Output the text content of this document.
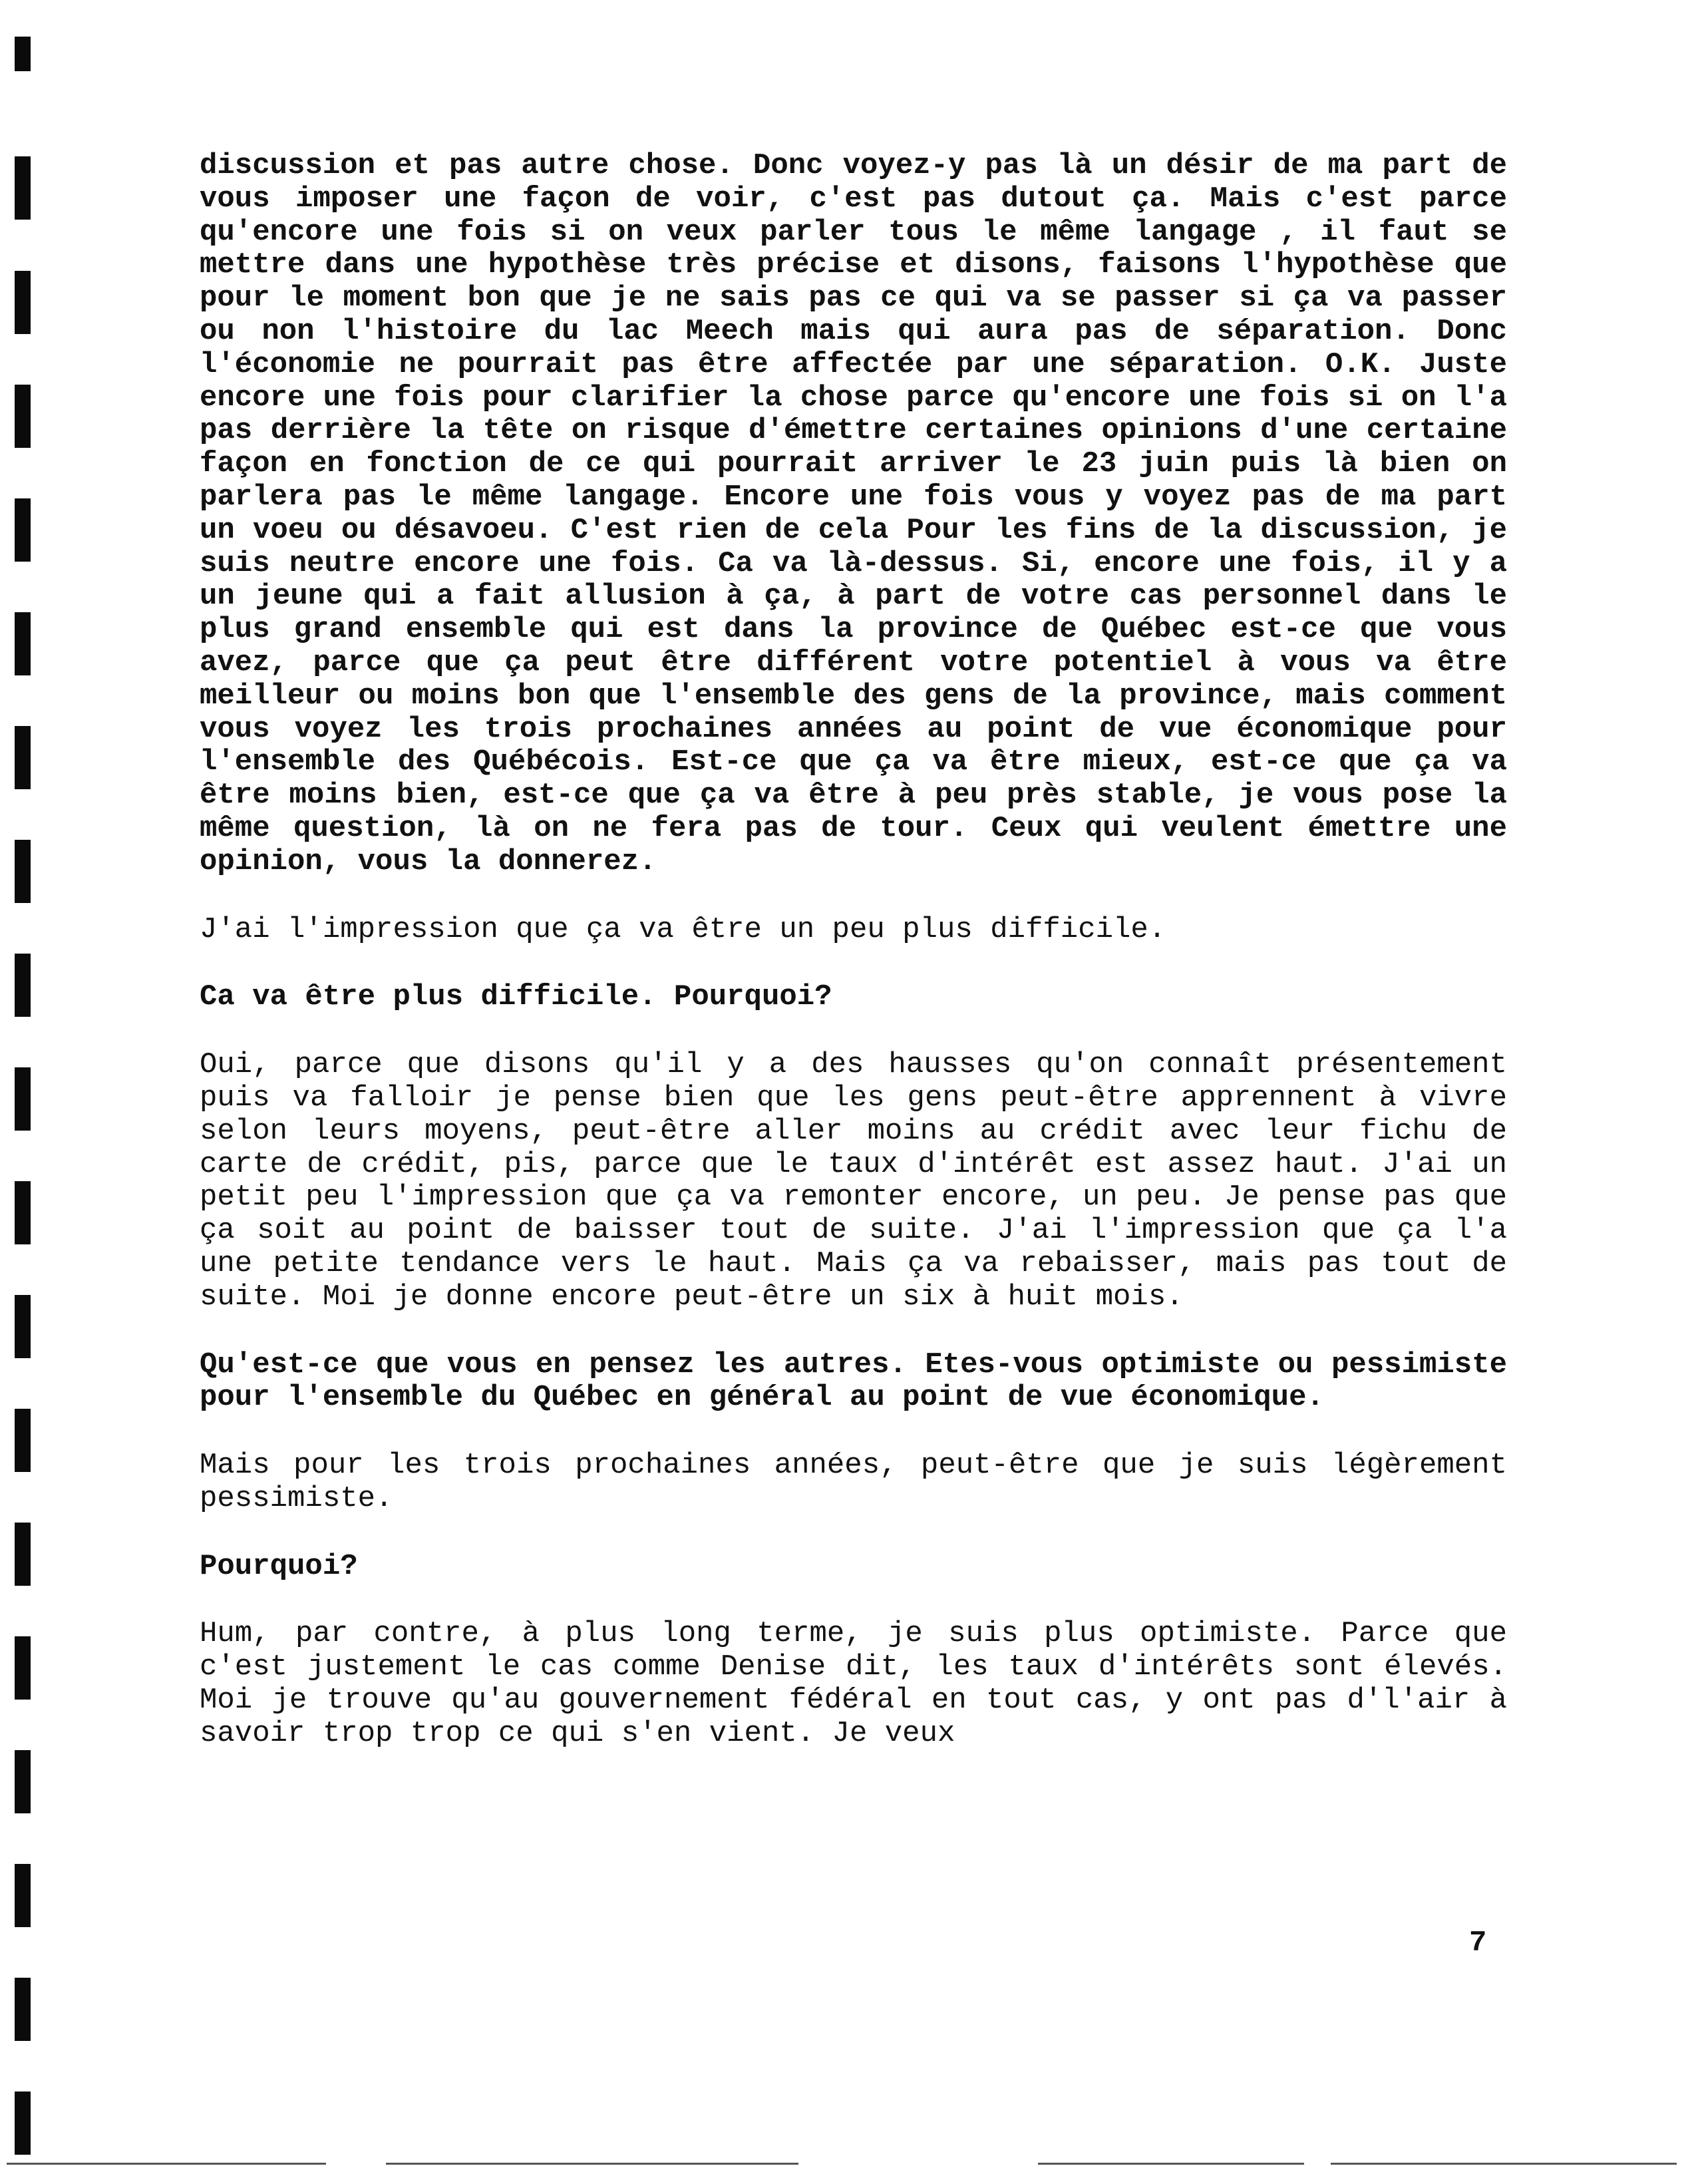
discussion et pas autre chose. Donc voyez-y pas là un désir de ma part de vous imposer une façon de voir, c'est pas dutout ça. Mais c'est parce qu'encore une fois si on veux parler tous le même langage , il faut se mettre dans une hypothèse très précise et disons, faisons l'hypothèse que pour le moment bon que je ne sais pas ce qui va se passer si ça va passer ou non l'histoire du lac Meech mais qui aura pas de séparation. Donc l'économie ne pourrait pas être affectée par une séparation. O.K. Juste encore une fois pour clarifier la chose parce qu'encore une fois si on l'a pas derrière la tête on risque d'émettre certaines opinions d'une certaine façon en fonction de ce qui pourrait arriver le 23 juin puis là bien on parlera pas le même langage. Encore une fois vous y voyez pas de ma part un voeu ou désavoeu. C'est rien de cela Pour les fins de la discussion, je suis neutre encore une fois. Ca va là-dessus. Si, encore une fois, il y a un jeune qui a fait allusion à ça, à part de votre cas personnel dans le plus grand ensemble qui est dans la province de Québec est-ce que vous avez, parce que ça peut être différent votre potentiel à vous va être meilleur ou moins bon que l'ensemble des gens de la province, mais comment vous voyez les trois prochaines années au point de vue économique pour l'ensemble des Québécois. Est-ce que ça va être mieux, est-ce que ça va être moins bien, est-ce que ça va être à peu près stable, je vous pose la même question, là on ne fera pas de tour. Ceux qui veulent émettre une opinion, vous la donnerez.

J'ai l'impression que ça va être un peu plus difficile.

Ca va être plus difficile. Pourquoi?

Oui, parce que disons qu'il y a des hausses qu'on connaît présentement puis va falloir je pense bien que les gens peut-être apprennent à vivre selon leurs moyens, peut-être aller moins au crédit avec leur fichu de carte de crédit, pis, parce que le taux d'intérêt est assez haut. J'ai un petit peu l'impression que ça va remonter encore, un peu. Je pense pas que ça soit au point de baisser tout de suite. J'ai l'impression que ça l'a une petite tendance vers le haut. Mais ça va rebaisser, mais pas tout de suite. Moi je donne encore peut-être un six à huit mois.

Qu'est-ce que vous en pensez les autres. Etes-vous optimiste ou pessimiste pour l'ensemble du Québec en général au point de vue économique.

Mais pour les trois prochaines années, peut-être que je suis légèrement pessimiste.

Pourquoi?

Hum, par contre, à plus long terme, je suis plus optimiste. Parce que c'est justement le cas comme Denise dit, les taux d'intérêts sont élevés. Moi je trouve qu'au gouvernement fédéral en tout cas, y ont pas d'l'air à savoir trop trop ce qui s'en vient. Je veux

7
